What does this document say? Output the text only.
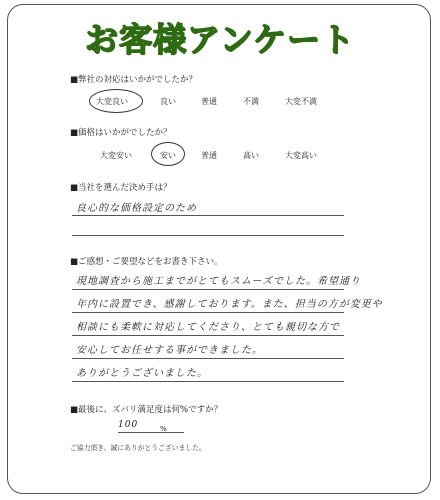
お客様アンケート
■弊社の対応はいかがでしたか？
大変良い	良い	普通	不満	大変不満
■価格はいかがでしたか？
大変安い	安い	普通	高い	大変高い
■当社を選んだ決め手は？
良心的な価格設定のため
■ご感想・ご要望などをお書き下さい。
現地調査から施工までがとてもスムーズでした。希望通り
年内に設置でき、感謝しております。また、担当の方が変更や
相談にも柔軟に対応してくださり、とても親切な方で
安心してお任せする事ができました。
ありがとうございました。
■最後に、ズバリ満足度は何%ですか？
100	%
ご協力頂き、誠にありがとうございました。
